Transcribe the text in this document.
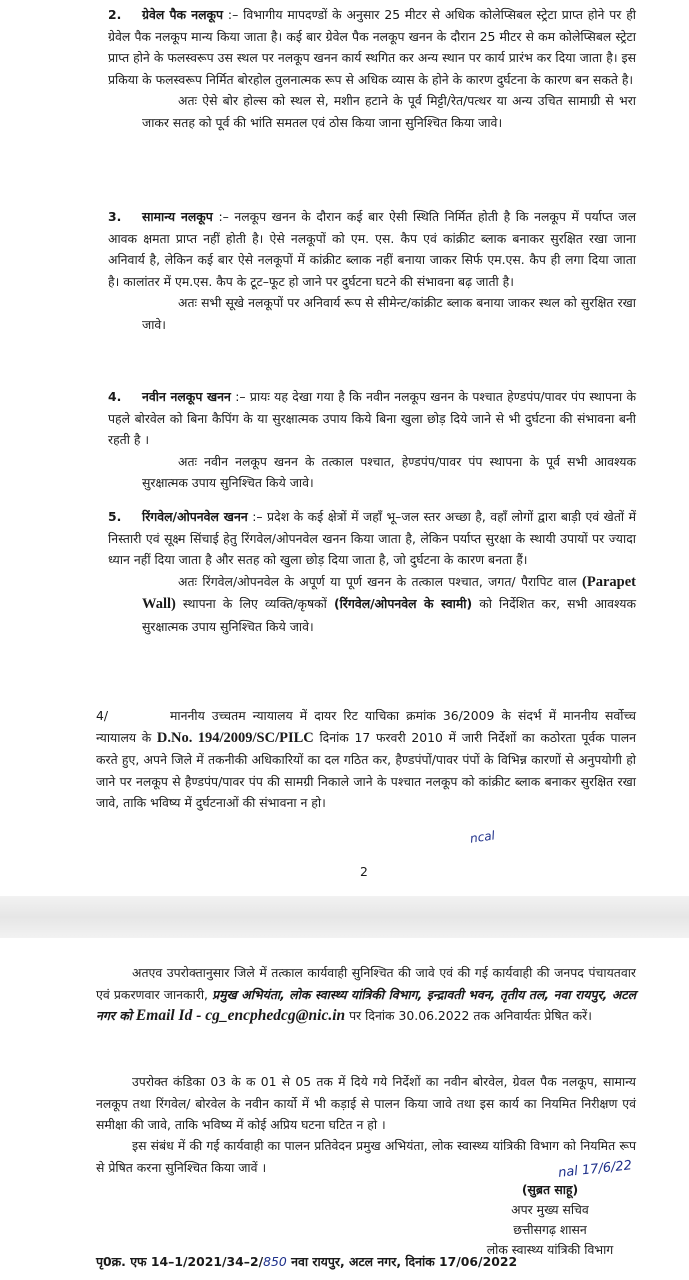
2. ग्रेवेल पैक नलकूप :– विभागीय मापदण्डों के अनुसार 25 मीटर से अधिक कोलेप्सिबल स्ट्रेटा प्राप्त होने पर ही ग्रेवेल पैक नलकूप मान्य किया जाता है। कई बार ग्रेवेल पैक नलकूप खनन के दौरान 25 मीटर से कम कोलेप्सिबल स्ट्रेटा प्राप्त होने के फलस्वरूप उस स्थल पर नलकूप खनन कार्य स्थगित कर अन्य स्थान पर कार्य प्रारंभ कर दिया जाता है। इस प्रकिया के फलस्वरूप निर्मित बोरहोल तुलनात्मक रूप से अधिक व्यास के होने के कारण दुर्घटना के कारण बन सकते है।
अतः ऐसे बोर होल्स को स्थल से, मशीन हटाने के पूर्व मिट्टी/रेत/पत्थर या अन्य उचित सामाग्री से भरा जाकर सतह को पूर्व की भांति समतल एवं ठोस किया जाना सुनिश्चित किया जावे।
3. सामान्य नलकूप :– नलकूप खनन के दौरान कई बार ऐसी स्थिति निर्मित होती है कि नलकूप में पर्याप्त जल आवक क्षमता प्राप्त नहीं होती है। ऐसे नलकूपों को एम. एस. कैप एवं कांक्रीट ब्लाक बनाकर सुरक्षित रखा जाना अनिवार्य है, लेकिन कई बार ऐसे नलकूपों में कांक्रीट ब्लाक नहीं बनाया जाकर सिर्फ एम.एस. कैप ही लगा दिया जाता है। कालांतर में एम.एस. कैप के टूट–फूट हो जाने पर दुर्घटना घटने की संभावना बढ़ जाती है।
अतः सभी सूखे नलकूपों पर अनिवार्य रूप से सीमेन्ट/कांक्रीट ब्लाक बनाया जाकर स्थल को सुरक्षित रखा जावे।
4. नवीन नलकूप खनन :– प्रायः यह देखा गया है कि नवीन नलकूप खनन के पश्चात हेण्डपंप/पावर पंप स्थापना के पहले बोरवेल को बिना कैपिंग के या सुरक्षात्मक उपाय किये बिना खुला छोड़ दिये जाने से भी दुर्घटना की संभावना बनी रहती है ।
अतः नवीन नलकूप खनन के तत्काल पश्चात, हेण्डपंप/पावर पंप स्थापना के पूर्व सभी आवश्यक सुरक्षात्मक उपाय सुनिश्चित किये जावे।
5. रिंगवेल/ओपनवेल खनन :– प्रदेश के कई क्षेत्रों में जहाँ भू–जल स्तर अच्छा है, वहाँ लोगों द्वारा बाड़ी एवं खेतों में निस्तारी एवं सूक्ष्म सिंचाई हेतु रिंगवेल/ओपनवेल खनन किया जाता है, लेकिन पर्याप्त सुरक्षा के स्थायी उपायों पर ज्यादा ध्यान नहीं दिया जाता है और सतह को खुला छोड़ दिया जाता है, जो दुर्घटना के कारण बनता हैं।
अतः रिंगवेल/ओपनवेल के अपूर्ण या पूर्ण खनन के तत्काल पश्चात, जगत/ पैरापिट वाल (Parapet Wall) स्थापना के लिए व्यक्ति/कृषकों (रिंगवेल/ओपनवेल के स्वामी) को निर्देशित कर, सभी आवश्यक सुरक्षात्मक उपाय सुनिश्चित किये जावे।
4/	माननीय उच्चतम न्यायालय में दायर रिट याचिका क्रमांक 36/2009 के संदर्भ में माननीय सर्वोच्च न्यायालय के D.No. 194/2009/SC/PILC दिनांक 17 फरवरी 2010 में जारी निर्देशों का कठोरता पूर्वक पालन करते हुए, अपने जिले में तकनीकी अधिकारियों का दल गठित कर, हैण्डपंपों/पावर पंपों के विभिन्न कारणों से अनुपयोगी हो जाने पर नलकूप से हैण्डपंप/पावर पंप की सामग्री निकाले जाने के पश्चात नलकूप को कांक्रीट ब्लाक बनाकर सुरक्षित रखा जावे, ताकि भविष्य में दुर्घटनाओं की संभावना न हो।
ncal
2
अतएव उपरोक्तानुसार जिले में तत्काल कार्यवाही सुनिश्चित की जावे एवं की गई कार्यवाही की जनपद पंचायतवार एवं प्रकरणवार जानकारी, प्रमुख अभियंता, लोक स्वास्थ्य यांत्रिकी विभाग, इन्द्रावती भवन, तृतीय तल, नवा रायपुर, अटल नगर को Email Id - cg_encphedcg@nic.in पर दिनांक 30.06.2022 तक अनिवार्यतः प्रेषित करें।
उपरोक्त कंडिका 03 के क 01 से 05 तक में दिये गये निर्देशों का नवीन बोरवेल, ग्रेवल पैक नलकूप, सामान्य नलकूप तथा रिंगवेल/ बोरवेल के नवीन कार्यो में भी कड़ाई से पालन किया जावे तथा इस कार्य का नियमित निरीक्षण एवं समीक्षा की जावे, ताकि भविष्य में कोई अप्रिय घटना घटित न हो ।
इस संबंध में की गई कार्यवाही का पालन प्रतिवेदन प्रमुख अभियंता, लोक स्वास्थ्य यांत्रिकी विभाग को नियमित रूप से प्रेषित करना सुनिश्चित किया जावें ।	nal 17/6/22
(सुब्रत साहू)
अपर मुख्य सचिव
छत्तीसगढ़ शासन
लोक स्वास्थ्य यांत्रिकी विभाग
पृ0क्र. एफ 14–1/2021/34–2/850 नवा रायपुर, अटल नगर, दिनांक 17/06/2022
